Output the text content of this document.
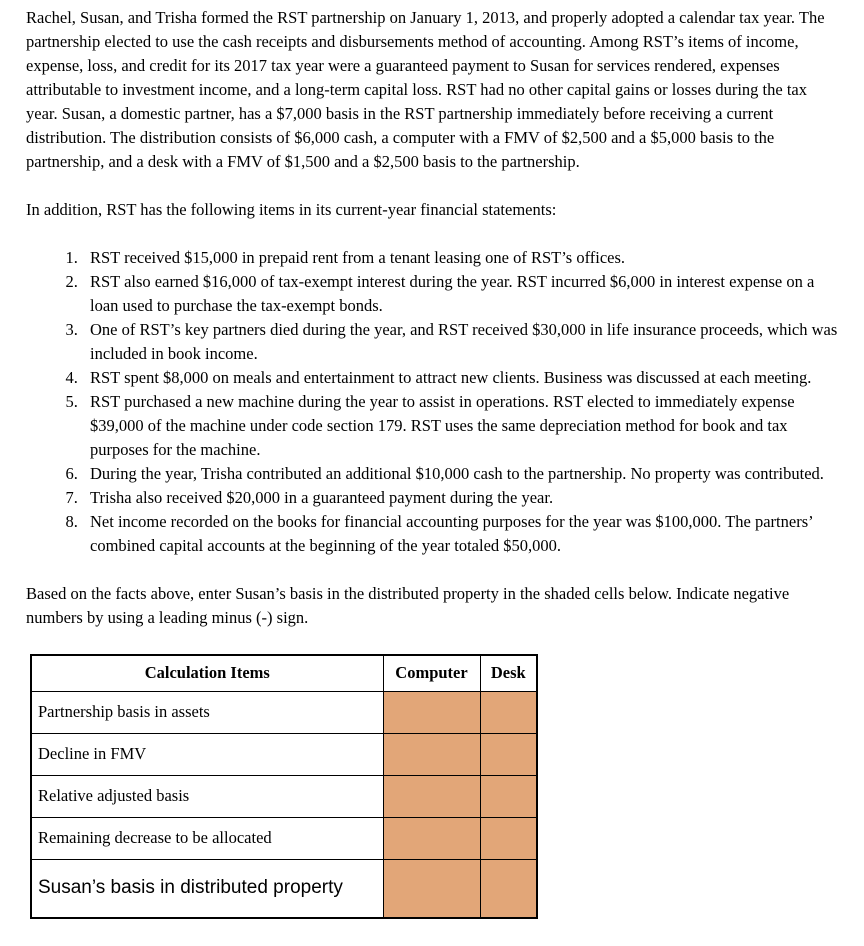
Rachel, Susan, and Trisha formed the RST partnership on January 1, 2013, and properly adopted a calendar tax year. The partnership elected to use the cash receipts and disbursements method of accounting. Among RST’s items of income, expense, loss, and credit for its 2017 tax year were a guaranteed payment to Susan for services rendered, expenses attributable to investment income, and a long-term capital loss. RST had no other capital gains or losses during the tax year. Susan, a domestic partner, has a $7,000 basis in the RST partnership immediately before receiving a current distribution. The distribution consists of $6,000 cash, a computer with a FMV of $2,500 and a $5,000 basis to the partnership, and a desk with a FMV of $1,500 and a $2,500 basis to the partnership.

In addition, RST has the following items in its current-year financial statements:

1. RST received $15,000 in prepaid rent from a tenant leasing one of RST’s offices.
2. RST also earned $16,000 of tax-exempt interest during the year. RST incurred $6,000 in interest expense on a loan used to purchase the tax-exempt bonds.
3. One of RST’s key partners died during the year, and RST received $30,000 in life insurance proceeds, which was included in book income.
4. RST spent $8,000 on meals and entertainment to attract new clients. Business was discussed at each meeting.
5. RST purchased a new machine during the year to assist in operations. RST elected to immediately expense $39,000 of the machine under code section 179. RST uses the same depreciation method for book and tax purposes for the machine.
6. During the year, Trisha contributed an additional $10,000 cash to the partnership. No property was contributed.
7. Trisha also received $20,000 in a guaranteed payment during the year.
8. Net income recorded on the books for financial accounting purposes for the year was $100,000. The partners’ combined capital accounts at the beginning of the year totaled $50,000.

Based on the facts above, enter Susan’s basis in the distributed property in the shaded cells below. Indicate negative numbers by using a leading minus (-) sign.

Calculation Items	Computer	Desk
Partnership basis in assets	

Decline in FMV	

Relative adjusted basis	

Remaining decrease to be allocated	

Susan’s basis in distributed property	
